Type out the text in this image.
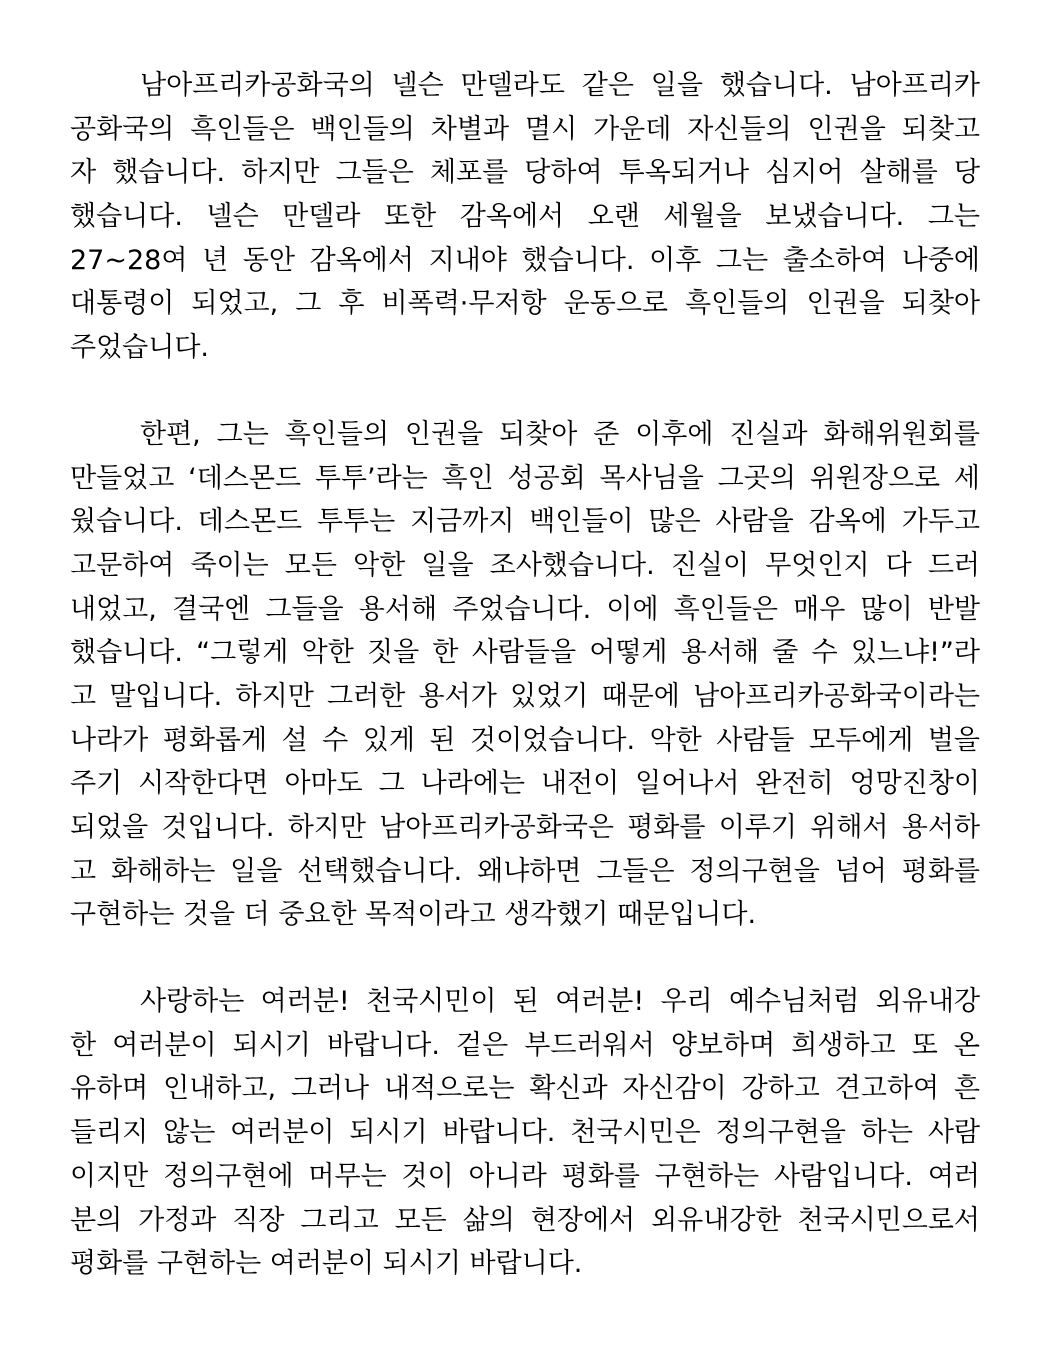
남아프리카공화국의 넬슨 만델라도 같은 일을 했습니다. 남아프리카
공화국의 흑인들은 백인들의 차별과 멸시 가운데 자신들의 인권을 되찾고
자 했습니다. 하지만 그들은 체포를 당하여 투옥되거나 심지어 살해를 당
했습니다. 넬슨 만델라 또한 감옥에서 오랜 세월을 보냈습니다. 그는
27~28여 년 동안 감옥에서 지내야 했습니다. 이후 그는 출소하여 나중에
대통령이 되었고, 그 후 비폭력·무저항 운동으로 흑인들의 인권을 되찾아
주었습니다.
한편, 그는 흑인들의 인권을 되찾아 준 이후에 진실과 화해위원회를
만들었고 ‘데스몬드 투투’라는 흑인 성공회 목사님을 그곳의 위원장으로 세
웠습니다. 데스몬드 투투는 지금까지 백인들이 많은 사람을 감옥에 가두고
고문하여 죽이는 모든 악한 일을 조사했습니다. 진실이 무엇인지 다 드러
내었고, 결국엔 그들을 용서해 주었습니다. 이에 흑인들은 매우 많이 반발
했습니다. “그렇게 악한 짓을 한 사람들을 어떻게 용서해 줄 수 있느냐!”라
고 말입니다. 하지만 그러한 용서가 있었기 때문에 남아프리카공화국이라는
나라가 평화롭게 설 수 있게 된 것이었습니다. 악한 사람들 모두에게 벌을
주기 시작한다면 아마도 그 나라에는 내전이 일어나서 완전히 엉망진창이
되었을 것입니다. 하지만 남아프리카공화국은 평화를 이루기 위해서 용서하
고 화해하는 일을 선택했습니다. 왜냐하면 그들은 정의구현을 넘어 평화를
구현하는 것을 더 중요한 목적이라고 생각했기 때문입니다.
사랑하는 여러분! 천국시민이 된 여러분! 우리 예수님처럼 외유내강
한 여러분이 되시기 바랍니다. 겉은 부드러워서 양보하며 희생하고 또 온
유하며 인내하고, 그러나 내적으로는 확신과 자신감이 강하고 견고하여 흔
들리지 않는 여러분이 되시기 바랍니다. 천국시민은 정의구현을 하는 사람
이지만 정의구현에 머무는 것이 아니라 평화를 구현하는 사람입니다. 여러
분의 가정과 직장 그리고 모든 삶의 현장에서 외유내강한 천국시민으로서
평화를 구현하는 여러분이 되시기 바랍니다.
